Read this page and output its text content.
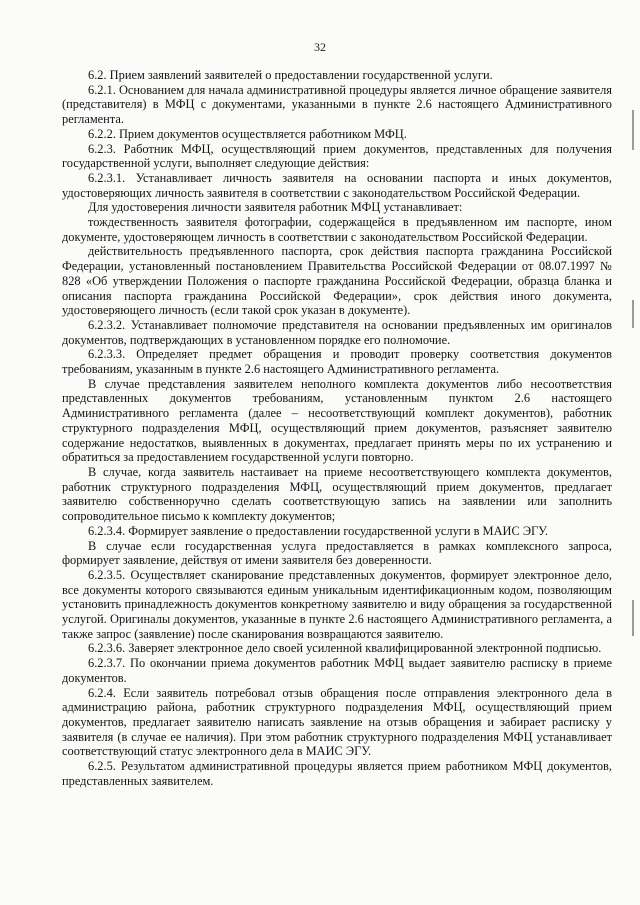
32

6.2. Прием заявлений заявителей о предоставлении государственной услуги.

6.2.1. Основанием для начала административной процедуры является личное обращение заявителя (представителя) в МФЦ с документами, указанными в пункте 2.6 настоящего Административного регламента.

6.2.2. Прием документов осуществляется работником МФЦ.

6.2.3. Работник МФЦ, осуществляющий прием документов, представленных для получения государственной услуги, выполняет следующие действия:

6.2.3.1. Устанавливает личность заявителя на основании паспорта и иных документов, удостоверяющих личность заявителя в соответствии с законодательством Российской Федерации.

Для удостоверения личности заявителя работник МФЦ устанавливает:

тождественность заявителя фотографии, содержащейся в предъявленном им паспорте, ином документе, удостоверяющем личность в соответствии с законодательством Российской Федерации.

действительность предъявленного паспорта, срок действия паспорта гражданина Российской Федерации, установленный постановлением Правительства Российской Федерации от 08.07.1997 № 828 «Об утверждении Положения о паспорте гражданина Российской Федерации, образца бланка и описания паспорта гражданина Российской Федерации», срок действия иного документа, удостоверяющего личность (если такой срок указан в документе).

6.2.3.2. Устанавливает полномочие представителя на основании предъявленных им оригиналов документов, подтверждающих в установленном порядке его полномочие.

6.2.3.3. Определяет предмет обращения и проводит проверку соответствия документов требованиям, указанным в пункте 2.6 настоящего Административного регламента.

В случае представления заявителем неполного комплекта документов либо несоответствия представленных документов требованиям, установленным пунктом 2.6 настоящего Административного регламента (далее – несоответствующий комплект документов), работник структурного подразделения МФЦ, осуществляющий прием документов, разъясняет заявителю содержание недостатков, выявленных в документах, предлагает принять меры по их устранению и обратиться за предоставлением государственной услуги повторно.

В случае, когда заявитель настаивает на приеме несоответствующего комплекта документов, работник структурного подразделения МФЦ, осуществляющий прием документов, предлагает заявителю собственноручно сделать соответствующую запись на заявлении или заполнить сопроводительное письмо к комплекту документов;

6.2.3.4. Формирует заявление о предоставлении государственной услуги в МАИС ЭГУ.

В случае если государственная услуга предоставляется в рамках комплексного запроса, формирует заявление, действуя от имени заявителя без доверенности.

6.2.3.5. Осуществляет сканирование представленных документов, формирует электронное дело, все документы которого связываются единым уникальным идентификационным кодом, позволяющим установить принадлежность документов конкретному заявителю и виду обращения за государственной услугой. Оригиналы документов, указанные в пункте 2.6 настоящего Административного регламента, а также запрос (заявление) после сканирования возвращаются заявителю.

6.2.3.6. Заверяет электронное дело своей усиленной квалифицированной электронной подписью.

6.2.3.7. По окончании приема документов работник МФЦ выдает заявителю расписку в приеме документов.

6.2.4. Если заявитель потребовал отзыв обращения после отправления электронного дела в администрацию района, работник структурного подразделения МФЦ, осуществляющий прием документов, предлагает заявителю написать заявление на отзыв обращения и забирает расписку у заявителя (в случае ее наличия). При этом работник структурного подразделения МФЦ устанавливает соответствующий статус электронного дела в МАИС ЭГУ.

6.2.5. Результатом административной процедуры является прием работником МФЦ документов, представленных заявителем.
